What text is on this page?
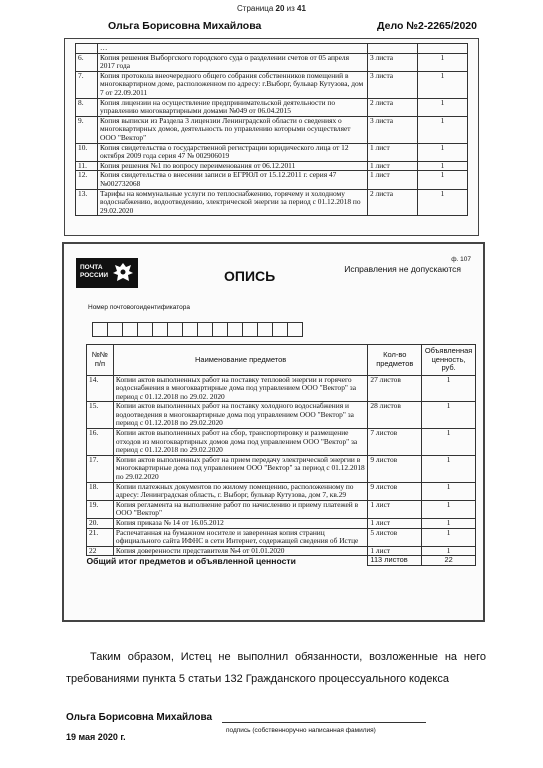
Страница 20 из 41
Ольга Борисовна Михайлова	Дело №2-2265/2020
	…		
6.	Копия решения Выборгского городского суда о разделении счетов от 05 апреля 2017 года	3 листа	1
7.	Копия протокола внеочередного общего собрания собственников помещений в многоквартирном доме, расположенном по адресу: г.Выборг, бульвар Кутузова, дом 7 от 22.09.2011	3 листа	1
8.	Копия лицензии на осуществление предпринимательской деятельности по управлению многоквартирными домами №049 от 06.04.2015	2 листа	1
9.	Копия выписки из Раздела 3 лицензии Ленинградской области о сведениях о многоквартирных домов, деятельность по управлению которыми осуществляет ООО "Вектор"	3 листа	1
10.	Копия свидетельства о государственной регистрации юридического лица от 12 октября 2009 года серия 47 № 002906019	1 лист	1
11.	Копия решения №1 по вопросу переименования от 06.12.2011	1 лист	1
12.	Копия свидетельства о внесении записи в ЕГРЮЛ от 15.12.2011 г. серия 47 №002732068	1 лист	1
13.	Тарифы на коммунальные услуги по теплоснабжению, горячему и холодному водоснабжению, водоотведению, электрической энергии за период с 01.12.2018 по 29.02.2020	2 листа	1
ПОЧТА
РОССИИ
ф. 107
ОПИСЬ	Исправления не допускаются
Номер почтовогоидентификатора
№№ п/п	Наименование предметов	Кол-во предметов	Объявленная ценность, руб.
14.	Копии актов выполненных работ на поставку тепловой энергии и горячего водоснабжения в многоквартирные дома под управлением ООО "Вектор" за период с 01.12.2018 по 29.02. 2020	27 листов	1
15.	Копии актов выполненных работ на поставку холодного водоснабжения и водоотведения в многоквартирные дома под управлением ООО "Вектор" за период с 01.12.2018 по 29.02.2020	28 листов	1
16.	Копии актов выполненных работ на сбор, транспортировку и размещение отходов из многоквартирных домов дома под управлением ООО "Вектор" за период с 01.12.2018 по 29.02.2020	7 листов	1
17.	Копии актов выполненных работ на прием передачу электрической энергии в многоквартирные дома под управлением ООО "Вектор" за период с 01.12.2018 по 29.02.2020	9 листов	1
18.	Копии платежных документов по жилому помещению, расположенному по адресу: Ленинградская область, г. Выборг, бульвар Кутузова, дом 7, кв.29	9 листов	1
19.	Копия регламента на выполнение работ по начислению и приему платежей в ООО "Вектор"	1 лист	1
20.	Копия приказа № 14 от 16.05.2012	1 лист	1
21.	Распечатанная на бумажном носителе и заверенная копия страниц официального сайта ИФНС в сети Интернет, содержащей сведения об Истце	5 листов	1
22	Копия доверенности представителя №4 от 01.01.2020	1 лист	1
Общий итог предметов и объявленной ценности		113 листов	22
Таким образом, Истец не выполнил обязанности, возложенные на него требованиями пункта 5 статьи 132 Гражданского процессуального кодекса
Ольга Борисовна Михайлова
подпись (собственноручно написанная фамилия)
19 мая 2020 г.
